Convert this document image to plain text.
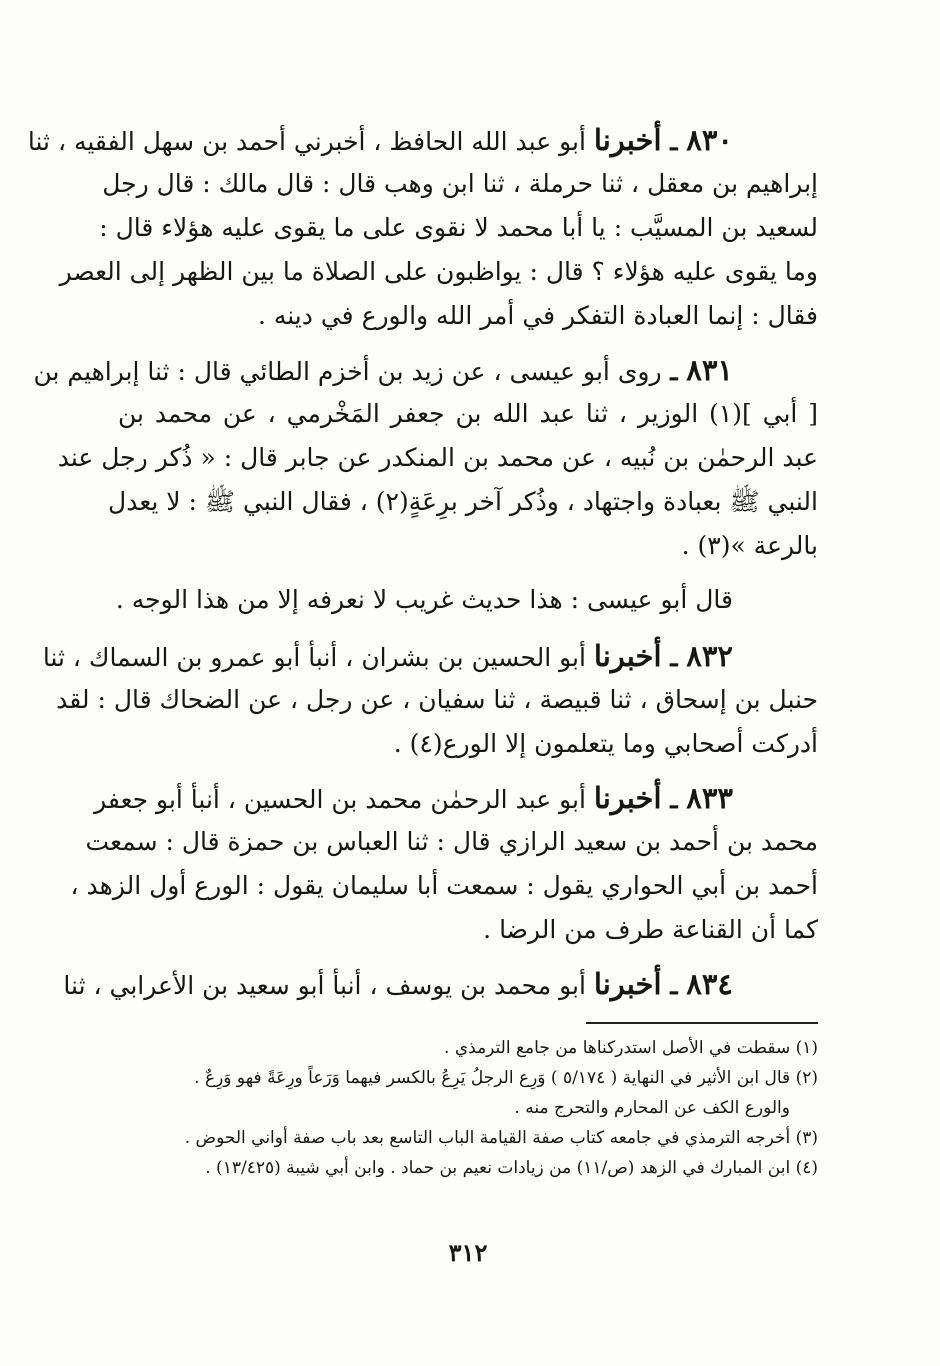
٨٣٠ ـ أخبرنا أبو عبد الله الحافظ ، أخبرني أحمد بن سهل الفقيه ، ثنا
إبراهيم بن معقل ، ثنا حرملة ، ثنا ابن وهب قال : قال مالك : قال رجل
لسعيد بن المسيَّب : يا أبا محمد لا نقوى على ما يقوى عليه هؤلاء قال :
وما يقوى عليه هؤلاء ؟ قال : يواظبون على الصلاة ما بين الظهر إلى العصر
فقال : إنما العبادة التفكر في أمر الله والورع في دينه .
٨٣١ ـ روى أبو عيسى ، عن زيد بن أخزم الطائي قال : ثنا إبراهيم بن
[ أبي ](١) الوزير ، ثنا عبد الله بن جعفر المَخْرمي ، عن محمد بن
عبد الرحمٰن بن نُبيه ، عن محمد بن المنكدر عن جابر قال : « ذُكر رجل عند
النبي ﷺ بعبادة واجتهاد ، وذُكر آخر برِعَةٍ(٢) ، فقال النبي ﷺ : لا يعدل
بالرعة »(٣) .
قال أبو عيسى : هذا حديث غريب لا نعرفه إلا من هذا الوجه .
٨٣٢ ـ أخبرنا أبو الحسين بن بشران ، أنبأ أبو عمرو بن السماك ، ثنا
حنبل بن إسحاق ، ثنا قبيصة ، ثنا سفيان ، عن رجل ، عن الضحاك قال : لقد
أدركت أصحابي وما يتعلمون إلا الورع(٤) .
٨٣٣ ـ أخبرنا أبو عبد الرحمٰن محمد بن الحسين ، أنبأ أبو جعفر
محمد بن أحمد بن سعيد الرازي قال : ثنا العباس بن حمزة قال : سمعت
أحمد بن أبي الحواري يقول : سمعت أبا سليمان يقول : الورع أول الزهد ،
كما أن القناعة طرف من الرضا .
٨٣٤ ـ أخبرنا أبو محمد بن يوسف ، أنبأ أبو سعيد بن الأعرابي ، ثنا
(١) سقطت في الأصل استدركناها من جامع الترمذي .
(٢) قال ابن الأثير في النهاية ( ٥/١٧٤ ) وَرِع الرجلُ يَرِعُ بالكسر فيهما وَرَعاً ورِعَةً فهو وَرِعٌ .
والورع الكف عن المحارم والتحرج منه .
(٣) أخرجه الترمذي في جامعه كتاب صفة القيامة الباب التاسع بعد باب صفة أواني الحوض .
(٤) ابن المبارك في الزهد (ص/١١) من زيادات نعيم بن حماد . وابن أبي شيبة (١٣/٤٢٥) .
٣١٢
